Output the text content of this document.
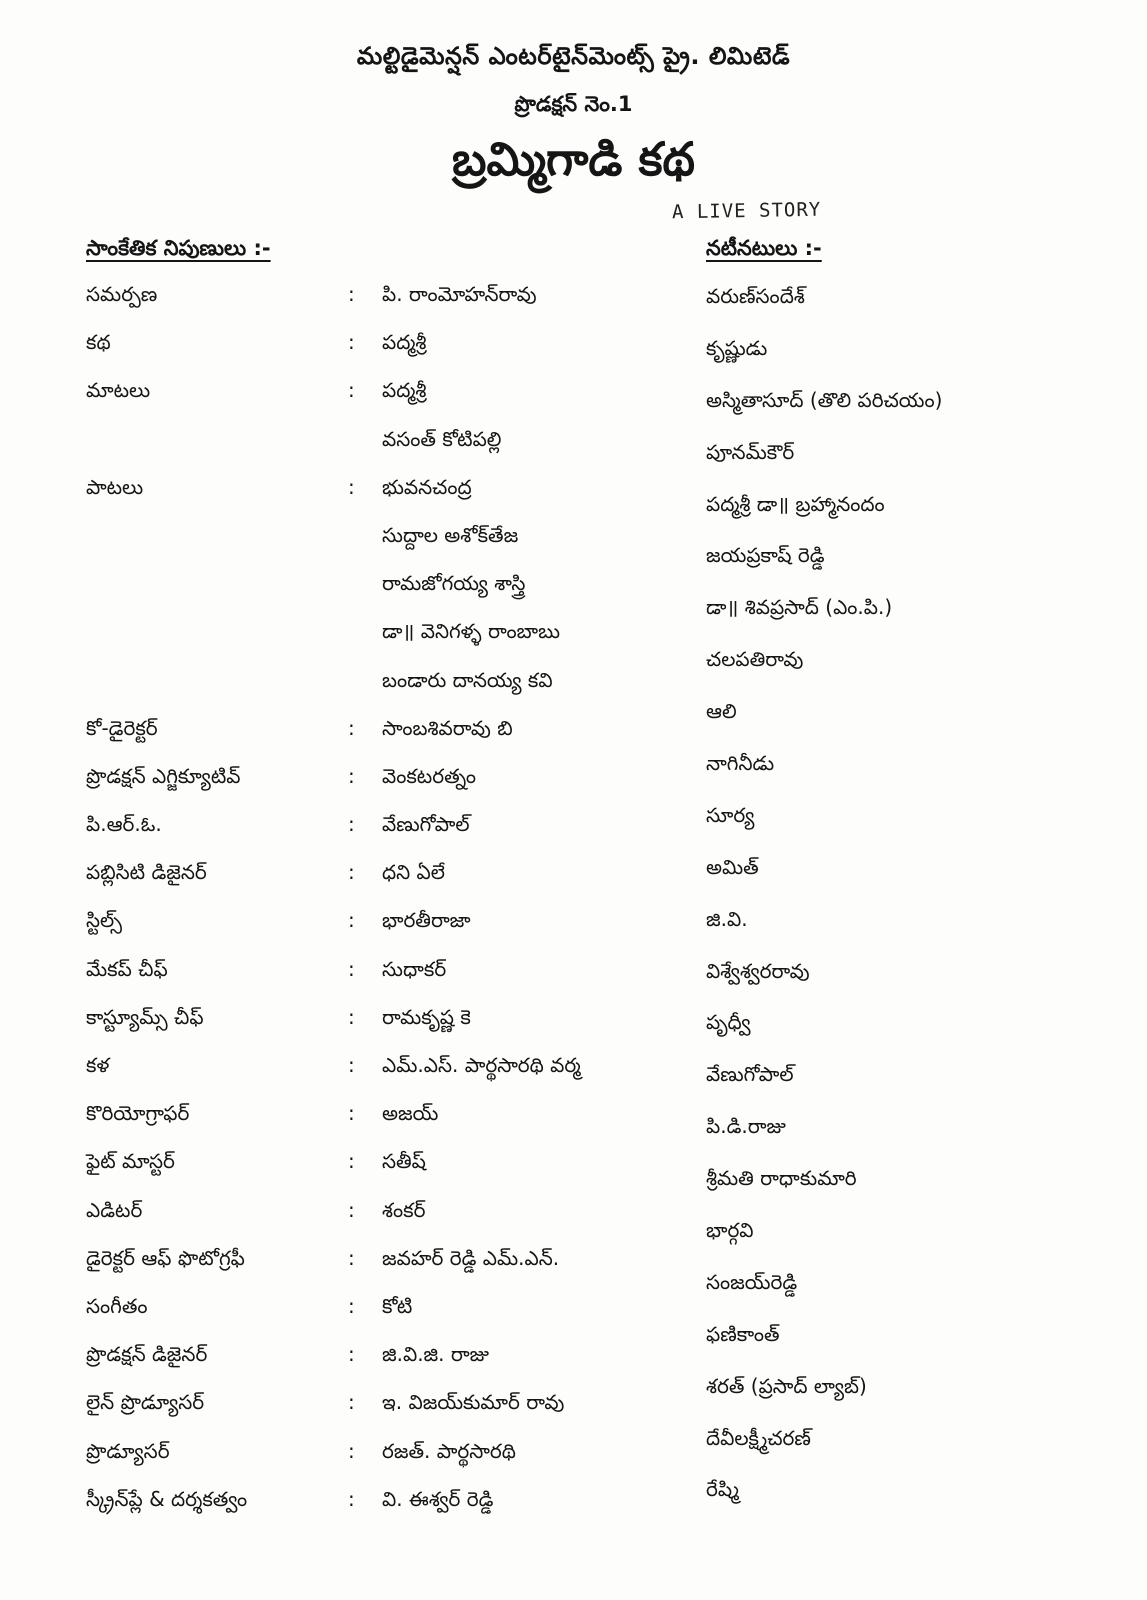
మల్టిడైమెన్షన్ ఎంటర్‌టైన్‌మెంట్స్ ప్రై. లిమిటెడ్
ప్రొడక్షన్ నెం.1
బ్రమ్మిగాడి కథ
A LIVE STORY
సాంకేతిక నిపుణులు :-	నటీనటులు :-
సమర్పణ	:	పి. రాంమోహన్‌రావు
కథ	:	పద్మశ్రీ
మాటలు	:	పద్మశ్రీ
వసంత్ కోటిపల్లి
పాటలు	:	భువనచంద్ర
సుద్దాల అశోక్‌తేజ
రామజోగయ్య శాస్త్రి
డా॥ వెనిగళ్ళ రాంబాబు
బండారు దానయ్య కవి
కో-డైరెక్టర్	:	సాంబశివరావు బి
ప్రొడక్షన్ ఎగ్జిక్యూటివ్	:	వెంకటరత్నం
పి.ఆర్.ఓ.	:	వేణుగోపాల్
పబ్లిసిటి డిజైనర్	:	ధని ఏలే
స్టిల్స్	:	భారతీరాజా
మేకప్ చీఫ్	:	సుధాకర్
కాస్ట్యూమ్స్ చీఫ్	:	రామకృష్ణ కె
కళ	:	ఎమ్.ఎస్. పార్థసారథి వర్మ
కొరియోగ్రాఫర్	:	అజయ్
ఫైట్ మాస్టర్	:	సతీష్
ఎడిటర్	:	శంకర్
డైరెక్టర్ ఆఫ్ ఫొటోగ్రఫీ	:	జవహర్ రెడ్డి ఎమ్.ఎన్.
సంగీతం	:	కోటి
ప్రొడక్షన్ డిజైనర్	:	జి.వి.జి. రాజు
లైన్ ప్రొడ్యూసర్	:	ఇ. విజయ్‌కుమార్ రావు
ప్రొడ్యూసర్	:	రజత్. పార్థసారథి
స్క్రీన్‌ప్లే & దర్శకత్వం	:	వి. ఈశ్వర్ రెడ్డి
వరుణ్‌సందేశ్
కృష్ణుడు
అస్మితాసూద్ (తొలి పరిచయం)
పూనమ్‌కౌర్
పద్మశ్రీ డా॥ బ్రహ్మానందం
జయప్రకాష్ రెడ్డి
డా॥ శివప్రసాద్ (ఎం.పి.)
చలపతిరావు
ఆలి
నాగినీడు
సూర్య
అమిత్
జి.వి.
విశ్వేశ్వరరావు
పృధ్వీ
వేణుగోపాల్
పి.డి.రాజు
శ్రీమతి రాధాకుమారి
భార్గవి
సంజయ్‌రెడ్డి
ఫణికాంత్
శరత్ (ప్రసాద్ ల్యాబ్)
దేవీలక్ష్మీచరణ్
రేష్మి
